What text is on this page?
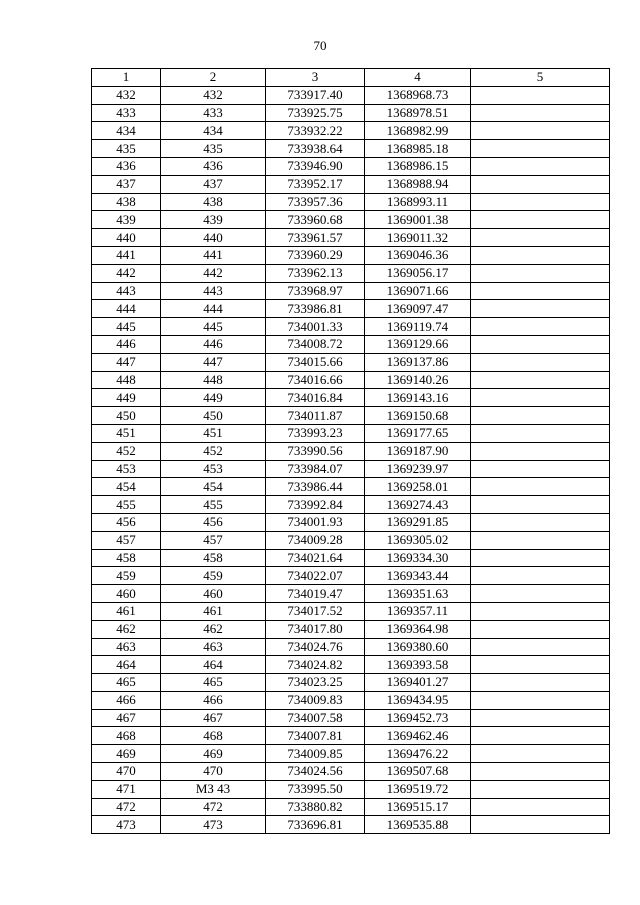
70
1	2	3	4	5
432	432	733917.40	1368968.73	
433	433	733925.75	1368978.51	
434	434	733932.22	1368982.99	
435	435	733938.64	1368985.18	
436	436	733946.90	1368986.15	
437	437	733952.17	1368988.94	
438	438	733957.36	1368993.11	
439	439	733960.68	1369001.38	
440	440	733961.57	1369011.32	
441	441	733960.29	1369046.36	
442	442	733962.13	1369056.17	
443	443	733968.97	1369071.66	
444	444	733986.81	1369097.47	
445	445	734001.33	1369119.74	
446	446	734008.72	1369129.66	
447	447	734015.66	1369137.86	
448	448	734016.66	1369140.26	
449	449	734016.84	1369143.16	
450	450	734011.87	1369150.68	
451	451	733993.23	1369177.65	
452	452	733990.56	1369187.90	
453	453	733984.07	1369239.97	
454	454	733986.44	1369258.01	
455	455	733992.84	1369274.43	
456	456	734001.93	1369291.85	
457	457	734009.28	1369305.02	
458	458	734021.64	1369334.30	
459	459	734022.07	1369343.44	
460	460	734019.47	1369351.63	
461	461	734017.52	1369357.11	
462	462	734017.80	1369364.98	
463	463	734024.76	1369380.60	
464	464	734024.82	1369393.58	
465	465	734023.25	1369401.27	
466	466	734009.83	1369434.95	
467	467	734007.58	1369452.73	
468	468	734007.81	1369462.46	
469	469	734009.85	1369476.22	
470	470	734024.56	1369507.68	
471	МЗ 43	733995.50	1369519.72	
472	472	733880.82	1369515.17	
473	473	733696.81	1369535.88	
